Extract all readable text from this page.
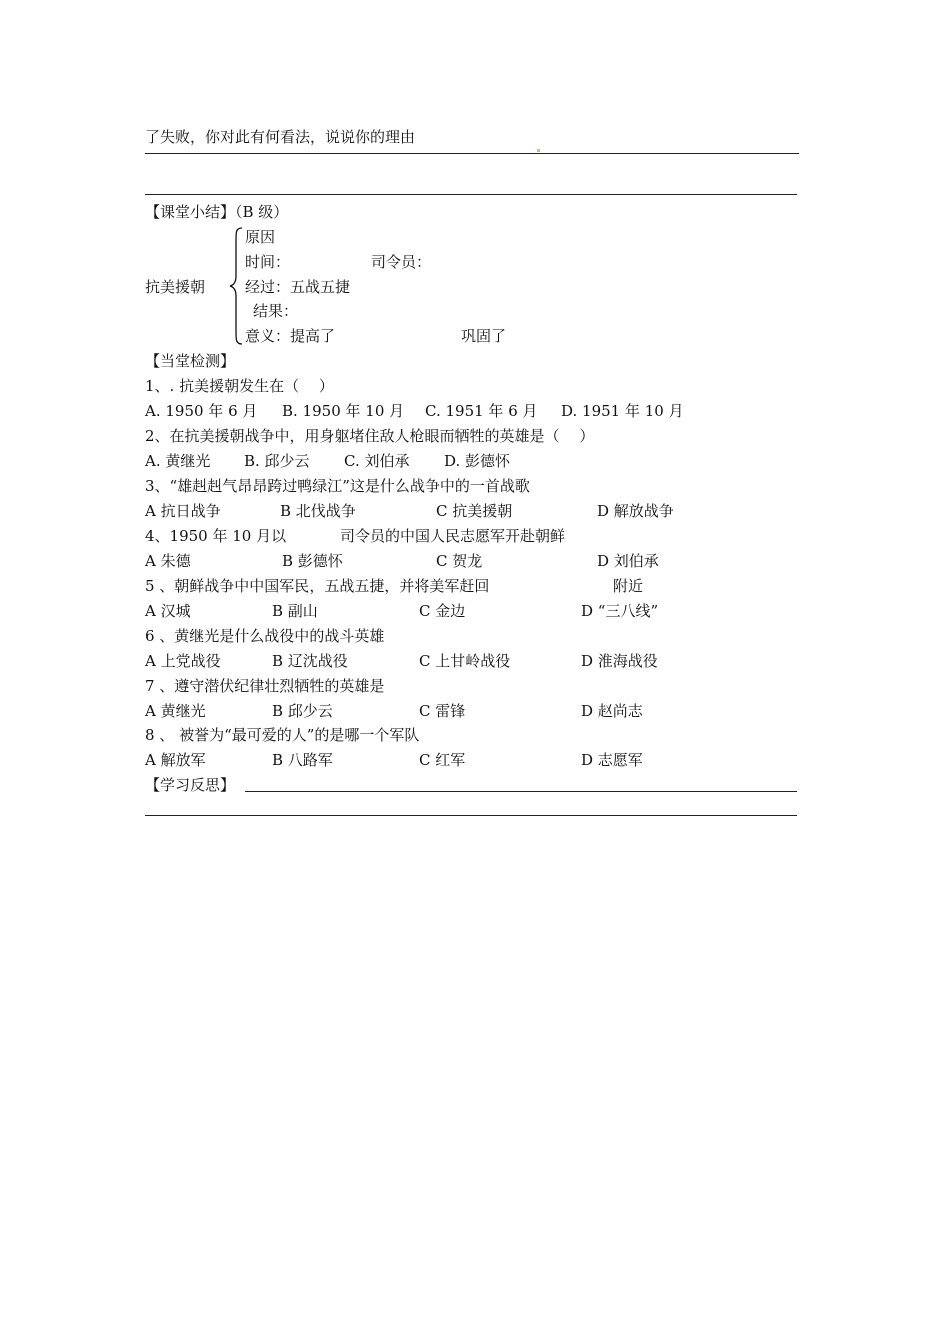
了失败，你对此有何看法，说说你的理由
【课堂小结】（B 级）
抗美援朝
原因
时间：	司令员：
经过：五战五捷
结果：
意义：提高了	巩固了
【当堂检测】
1、. 抗美援朝发生在（　 ）
A. 1950 年 6 月 B. 1950 年 10 月 C. 1951 年 6 月 D. 1951 年 10 月
2、在抗美援朝战争中，用身躯堵住敌人枪眼而牺牲的英雄是（　 ）
A. 黄继光 B. 邱少云 C. 刘伯承 D. 彭德怀
3、“雄赳赳气昂昂跨过鸭绿江”这是什么战争中的一首战歌
A 抗日战争	B 北伐战争	C 抗美援朝	D 解放战争
4、1950 年 10 月以	司令员的中国人民志愿军开赴朝鲜
A 朱德	B 彭德怀	C 贺龙	D 刘伯承
5 、朝鲜战争中中国军民，五战五捷，并将美军赶回	附近
A 汉城	B 副山	C 金边	D “三八线”
6 、黄继光是什么战役中的战斗英雄
A 上党战役	B 辽沈战役	C 上甘岭战役	D 淮海战役
7 、遵守潜伏纪律壮烈牺牲的英雄是
A 黄继光	B 邱少云	C 雷锋	D 赵尚志
8 、 被誉为“最可爱的人”的是哪一个军队
A 解放军	B 八路军	C 红军	D 志愿军
【学习反思】
